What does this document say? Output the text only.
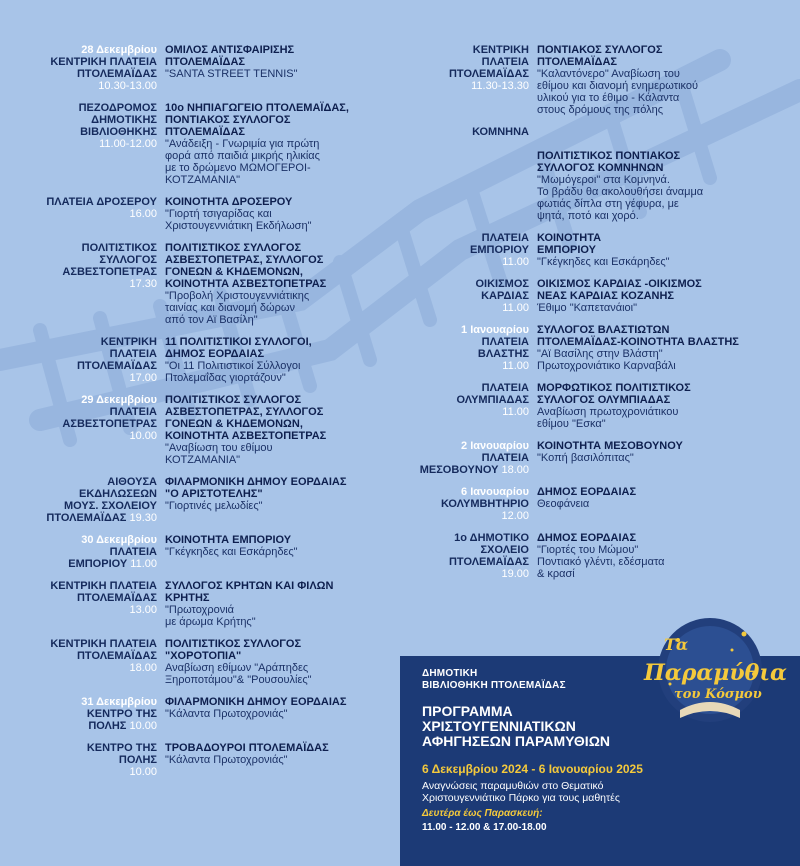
28 Δεκεμβρίου
ΚΕΝΤΡΙΚΗ ΠΛΑΤΕΙΑ
ΠΤΟΛΕΜΑΪΔΑΣ
10.30-13.00
ΟΜΙΛΟΣ ΑΝΤΙΣΦΑΙΡΙΣΗΣ
ΠΤΟΛΕΜΑΪΔΑΣ
"SANTA STREET TENNIS"
ΠΕΖΟΔΡΟΜΟΣ
ΔΗΜΟΤΙΚΗΣ
ΒΙΒΛΙΟΘΗΚΗΣ
11.00-12.00
10ο ΝΗΠΙΑΓΩΓΕΙΟ ΠΤΟΛΕΜΑΪΔΑΣ,
ΠΟΝΤΙΑΚΟΣ ΣΥΛΛΟΓΟΣ
ΠΤΟΛΕΜΑΪΔΑΣ
"Ανάδειξη - Γνωριμία για πρώτη
φορά από παιδιά μικρής ηλικίας
με το δρώμενο ΜΩΜΟΓΕΡΟΙ-
ΚΟΤΖΑΜΑΝΙΑ"
ΠΛΑΤΕΙΑ ΔΡΟΣΕΡΟΥ
16.00
ΚΟΙΝΟΤΗΤΑ ΔΡΟΣΕΡΟΥ
"Γιορτή τσιγαρίδας και
Χριστουγεννιάτικη Εκδήλωση"
ΠΟΛΙΤΙΣΤΙΚΟΣ
ΣΥΛΛΟΓΟΣ
ΑΣΒΕΣΤΟΠΕΤΡΑΣ
17.30
ΠΟΛΙΤΙΣΤΙΚΟΣ ΣΥΛΛΟΓΟΣ
ΑΣΒΕΣΤΟΠΕΤΡΑΣ, ΣΥΛΛΟΓΟΣ
ΓΟΝΕΩΝ & ΚΗΔΕΜΟΝΩΝ,
ΚΟΙΝΟΤΗΤΑ ΑΣΒΕΣΤΟΠΕΤΡΑΣ
"Προβολή Χριστουγεννιάτικης
ταινίας και διανομή δώρων
από τον Αϊ Βασίλη"
ΚΕΝΤΡΙΚΗ
ΠΛΑΤΕΙΑ
ΠΤΟΛΕΜΑΪΔΑΣ
17.00
11 ΠΟΛΙΤΙΣΤΙΚΟΙ ΣΥΛΛΟΓΟΙ,
ΔΗΜΟΣ ΕΟΡΔΑΙΑΣ
"Οι 11 Πολιτιστικοί Σύλλογοι
Πτολεμαΐδας γιορτάζουν"
29 Δεκεμβρίου
ΠΛΑΤΕΙΑ
ΑΣΒΕΣΤΟΠΕΤΡΑΣ
10.00
ΠΟΛΙΤΙΣΤΙΚΟΣ ΣΥΛΛΟΓΟΣ
ΑΣΒΕΣΤΟΠΕΤΡΑΣ, ΣΥΛΛΟΓΟΣ
ΓΟΝΕΩΝ & ΚΗΔΕΜΟΝΩΝ,
ΚΟΙΝΟΤΗΤΑ ΑΣΒΕΣΤΟΠΕΤΡΑΣ
"Αναβίωση του εθίμου
ΚΟΤΖΑΜΑΝΙΑ"
ΑΙΘΟΥΣΑ
ΕΚΔΗΛΩΣΕΩΝ
ΜΟΥΣ. ΣΧΟΛΕΙΟΥ
ΠΤΟΛΕΜΑΪΔΑΣ 19.30
ΦΙΛΑΡΜΟΝΙΚΗ ΔΗΜΟΥ ΕΟΡΔΑΙΑΣ
"Ο ΑΡΙΣΤΟΤΕΛΗΣ"
"Γιορτινές μελωδίες"
30 Δεκεμβρίου
ΠΛΑΤΕΙΑ
ΕΜΠΟΡΙΟΥ 11.00
ΚΟΙΝΟΤΗΤΑ ΕΜΠΟΡΙΟΥ
"Γκέγκηδες και Εσκάρηδες"
ΚΕΝΤΡΙΚΗ ΠΛΑΤΕΙΑ
ΠΤΟΛΕΜΑΪΔΑΣ
13.00
ΣΥΛΛΟΓΟΣ ΚΡΗΤΩΝ ΚΑΙ ΦΙΛΩΝ
ΚΡΗΤΗΣ
"Πρωτοχρονιά
με άρωμα Κρήτης"
ΚΕΝΤΡΙΚΗ ΠΛΑΤΕΙΑ
ΠΤΟΛΕΜΑΪΔΑΣ
18.00
ΠΟΛΙΤΙΣΤΙΚΟΣ ΣΥΛΛΟΓΟΣ
"ΧΟΡΟΤΟΠΙΑ"
Αναβίωση εθίμων "Αράπηδες
Ξηροποτάμου"& "Ρουσουλίες"
31 Δεκεμβρίου
ΚΕΝΤΡΟ ΤΗΣ
ΠΟΛΗΣ 10.00
ΦΙΛΑΡΜΟΝΙΚΗ ΔΗΜΟΥ ΕΟΡΔΑΙΑΣ
"Κάλαντα Πρωτοχρονιάς"
ΚΕΝΤΡΟ ΤΗΣ
ΠΟΛΗΣ
10.00
ΤΡΟΒΑΔΟΥΡΟΙ ΠΤΟΛΕΜΑΪΔΑΣ
"Κάλαντα Πρωτοχρονιάς"
ΚΕΝΤΡΙΚΗ
ΠΛΑΤΕΙΑ
ΠΤΟΛΕΜΑΪΔΑΣ
11.30-13.30
ΠΟΝΤΙΑΚΟΣ ΣΥΛΛΟΓΟΣ
ΠΤΟΛΕΜΑΪΔΑΣ
"Καλαντόνερο" Αναβίωση του
εθίμου και διανομή ενημερωτικού
υλικού για το έθιμο - Κάλαντα
στους δρόμους της πόλης
ΚΟΜΝΗΝΑ

ΠΟΛΙΤΙΣΤΙΚΟΣ ΠΟΝΤΙΑΚΟΣ
ΣΥΛΛΟΓΟΣ ΚΟΜΝΗΝΩΝ
"Μωμόγεροι" στα Κομνηνά.
Το βράδυ θα ακολουθήσει άναμμα
φωτιάς δίπλα στη γέφυρα, με
ψητά, ποτό και χορό.
ΠΛΑΤΕΙΑ
ΕΜΠΟΡΙΟΥ
11.00
ΚΟΙΝΟΤΗΤΑ
ΕΜΠΟΡΙΟΥ
"Γκέγκηδες και Εσκάρηδες"
ΟΙΚΙΣΜΟΣ
ΚΑΡΔΙΑΣ
11.00
ΟΙΚΙΣΜΟΣ ΚΑΡΔΙΑΣ -ΟΙΚΙΣΜΟΣ
ΝΕΑΣ ΚΑΡΔΙΑΣ ΚΟΖΑΝΗΣ
Έθιμο "Καπετανάιοι"
1 Ιανουαρίου
ΠΛΑΤΕΙΑ
ΒΛΑΣΤΗΣ
11.00
ΣΥΛΛΟΓΟΣ ΒΛΑΣΤΙΩΤΩΝ
ΠΤΟΛΕΜΑΪΔΑΣ-ΚΟΙΝΟΤΗΤΑ ΒΛΑΣΤΗΣ
"Αϊ Βασίλης στην Βλάστη"
Πρωτοχρονιάτικο Καρναβάλι
ΠΛΑΤΕΙΑ
ΟΛΥΜΠΙΑΔΑΣ
11.00
ΜΟΡΦΩΤΙΚΟΣ ΠΟΛΙΤΙΣΤΙΚΟΣ
ΣΥΛΛΟΓΟΣ ΟΛΥΜΠΙΑΔΑΣ
Αναβίωση πρωτοχρονιάτικου
εθίμου "Εσκα"
2 Ιανουαρίου
ΠΛΑΤΕΙΑ
ΜΕΣΟΒΟΥΝΟΥ 18.00
ΚΟΙΝΟΤΗΤΑ ΜΕΣΟΒΟΥΝΟΥ
"Κοπή βασιλόπιτας"
6 Ιανουαρίου
ΚΟΛΥΜΒΗΤΗΡΙΟ
12.00
ΔΗΜΟΣ ΕΟΡΔΑΙΑΣ
Θεοφάνεια
1ο ΔΗΜΟΤΙΚΟ
ΣΧΟΛΕΙΟ
ΠΤΟΛΕΜΑΪΔΑΣ
19.00
ΔΗΜΟΣ ΕΟΡΔΑΙΑΣ
"Γιορτές του Μώμου"
Ποντιακό γλέντι, εδέσματα
& κρασί
ΔΗΜΟΤΙΚΗ
ΒΙΒΛΙΟΘΗΚΗ ΠΤΟΛΕΜΑΪΔΑΣ
ΠΡΟΓΡΑΜΜΑ
ΧΡΙΣΤΟΥΓΕΝΝΙΑΤΙΚΩΝ
ΑΦΗΓΗΣΕΩΝ ΠΑΡΑΜΥΘΙΩΝ
6 Δεκεμβρίου 2024 - 6 Ιανουαρίου 2025
Αναγνώσεις παραμυθιών στο Θεματικό
Χριστουγεννιάτικο Πάρκο για τους μαθητές
Δευτέρα έως Παρασκευή:
11.00 - 12.00 & 17.00-18.00
Τα
Παραμύθια
του Κόσμου
